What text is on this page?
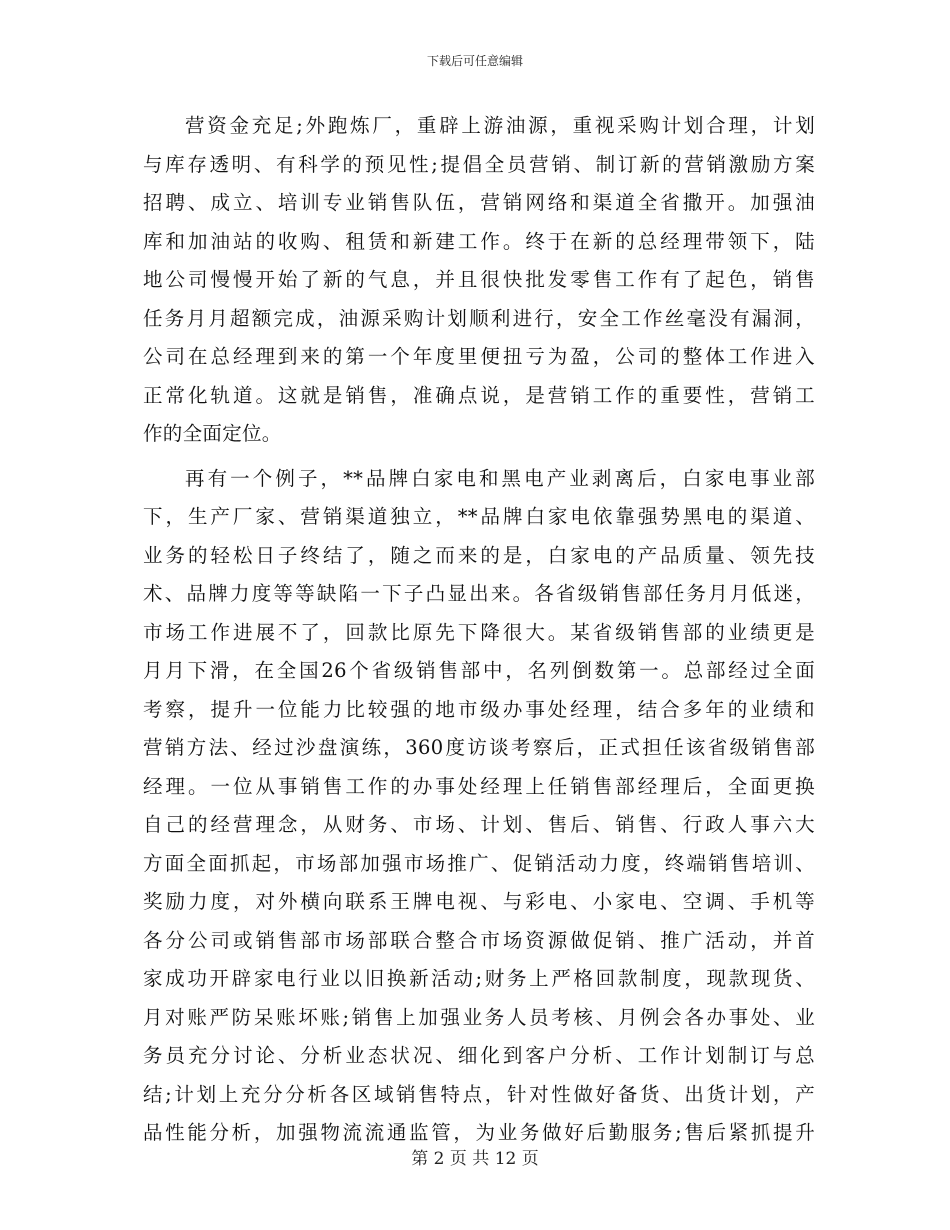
下载后可任意编辑
营资金充足;外跑炼厂，重辟上游油源，重视采购计划合理，计划
与库存透明、有科学的预见性;提倡全员营销、制订新的营销激励方案
招聘、成立、培训专业销售队伍，营销网络和渠道全省撒开。加强油
库和加油站的收购、租赁和新建工作。终于在新的总经理带领下，陆
地公司慢慢开始了新的气息，并且很快批发零售工作有了起色，销售
任务月月超额完成，油源采购计划顺利进行，安全工作丝毫没有漏洞，
公司在总经理到来的第一个年度里便扭亏为盈，公司的整体工作进入
正常化轨道。这就是销售，准确点说，是营销工作的重要性，营销工
作的全面定位。
再有一个例子，**品牌白家电和黑电产业剥离后，白家电事业部
下，生产厂家、营销渠道独立，**品牌白家电依靠强势黑电的渠道、
业务的轻松日子终结了，随之而来的是，白家电的产品质量、领先技
术、品牌力度等等缺陷一下子凸显出来。各省级销售部任务月月低迷，
市场工作进展不了，回款比原先下降很大。某省级销售部的业绩更是
月月下滑，在全国26个省级销售部中，名列倒数第一。总部经过全面
考察，提升一位能力比较强的地市级办事处经理，结合多年的业绩和
营销方法、经过沙盘演练，360度访谈考察后，正式担任该省级销售部
经理。一位从事销售工作的办事处经理上任销售部经理后，全面更换
自己的经营理念，从财务、市场、计划、售后、销售、行政人事六大
方面全面抓起，市场部加强市场推广、促销活动力度，终端销售培训、
奖励力度，对外横向联系王牌电视、与彩电、小家电、空调、手机等
各分公司或销售部市场部联合整合市场资源做促销、推广活动，并首
家成功开辟家电行业以旧换新活动;财务上严格回款制度，现款现货、
月对账严防呆账坏账;销售上加强业务人员考核、月例会各办事处、业
务员充分讨论、分析业态状况、细化到客户分析、工作计划制订与总
结;计划上充分分析各区域销售特点，针对性做好备货、出货计划，产
品性能分析，加强物流流通监管，为业务做好后勤服务;售后紧抓提升
第 2 页 共 12 页
